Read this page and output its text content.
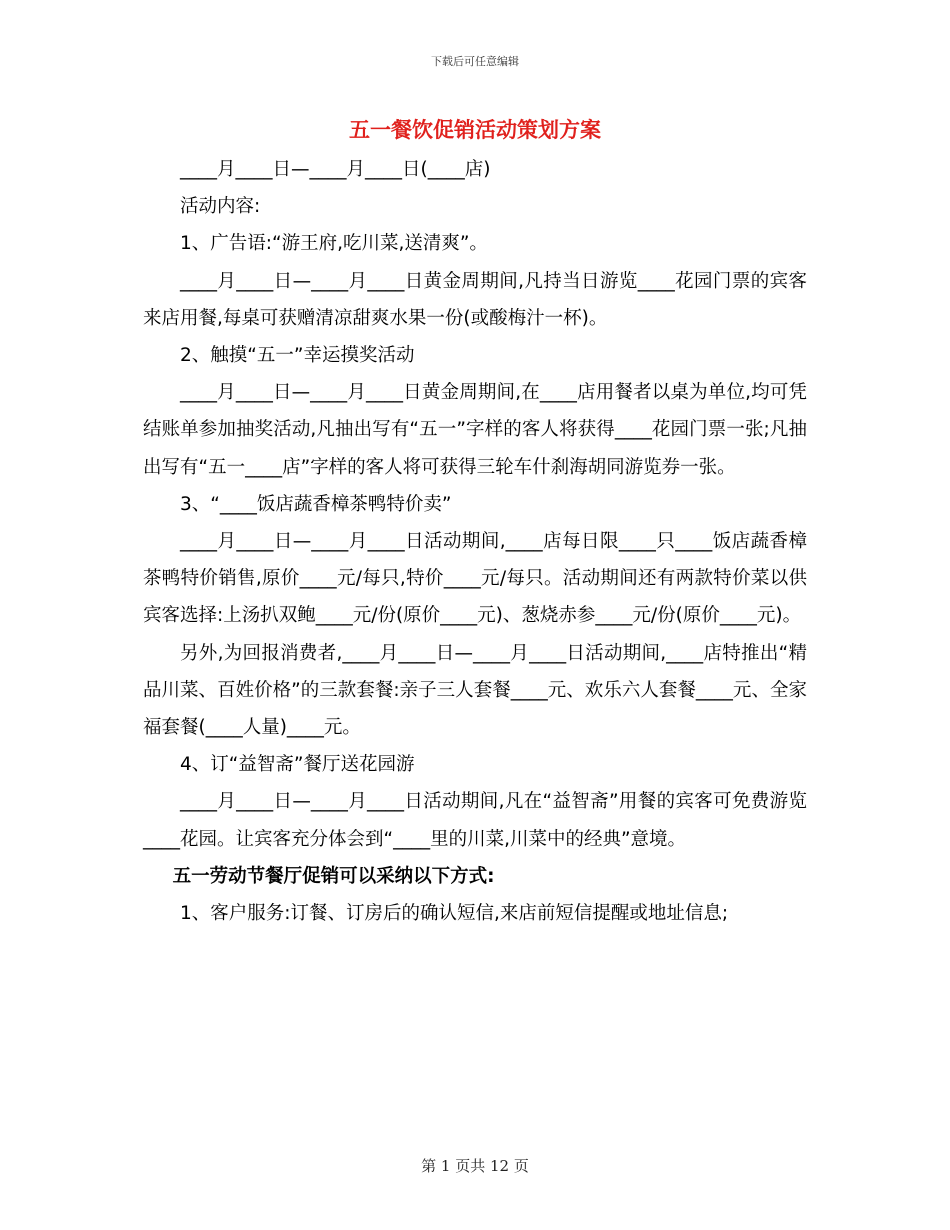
下载后可任意编辑
五一餐饮促销活动策划方案

____月____日—____月____日(____店)

活动内容:

1、广告语:“游王府,吃川菜,送清爽”。

____月____日—____月____日黄金周期间,凡持当日游览____花园门票的宾客来店用餐,每桌可获赠清凉甜爽水果一份(或酸梅汁一杯)。

2、触摸“五一”幸运摸奖活动

____月____日—____月____日黄金周期间,在____店用餐者以桌为单位,均可凭结账单参加抽奖活动,凡抽出写有“五一”字样的客人将获得____花园门票一张;凡抽出写有“五一____店”字样的客人将可获得三轮车什刹海胡同游览券一张。

3、“____饭店蔬香樟茶鸭特价卖”

____月____日—____月____日活动期间,____店每日限____只____饭店蔬香樟茶鸭特价销售,原价____元/每只,特价____元/每只。活动期间还有两款特价菜以供宾客选择:上汤扒双鲍____元/份(原价____元)、葱烧赤参____元/份(原价____元)。

另外,为回报消费者,____月____日—____月____日活动期间,____店特推出“精品川菜、百姓价格”的三款套餐:亲子三人套餐____元、欢乐六人套餐____元、全家福套餐(____人量)____元。

4、订“益智斋”餐厅送花园游

____月____日—____月____日活动期间,凡在“益智斋”用餐的宾客可免费游览____花园。让宾客充分体会到“____里的川菜,川菜中的经典”意境。

五一劳动节餐厅促销可以采纳以下方式:

1、客户服务:订餐、订房后的确认短信,来店前短信提醒或地址信息;

第 1 页共 12 页
